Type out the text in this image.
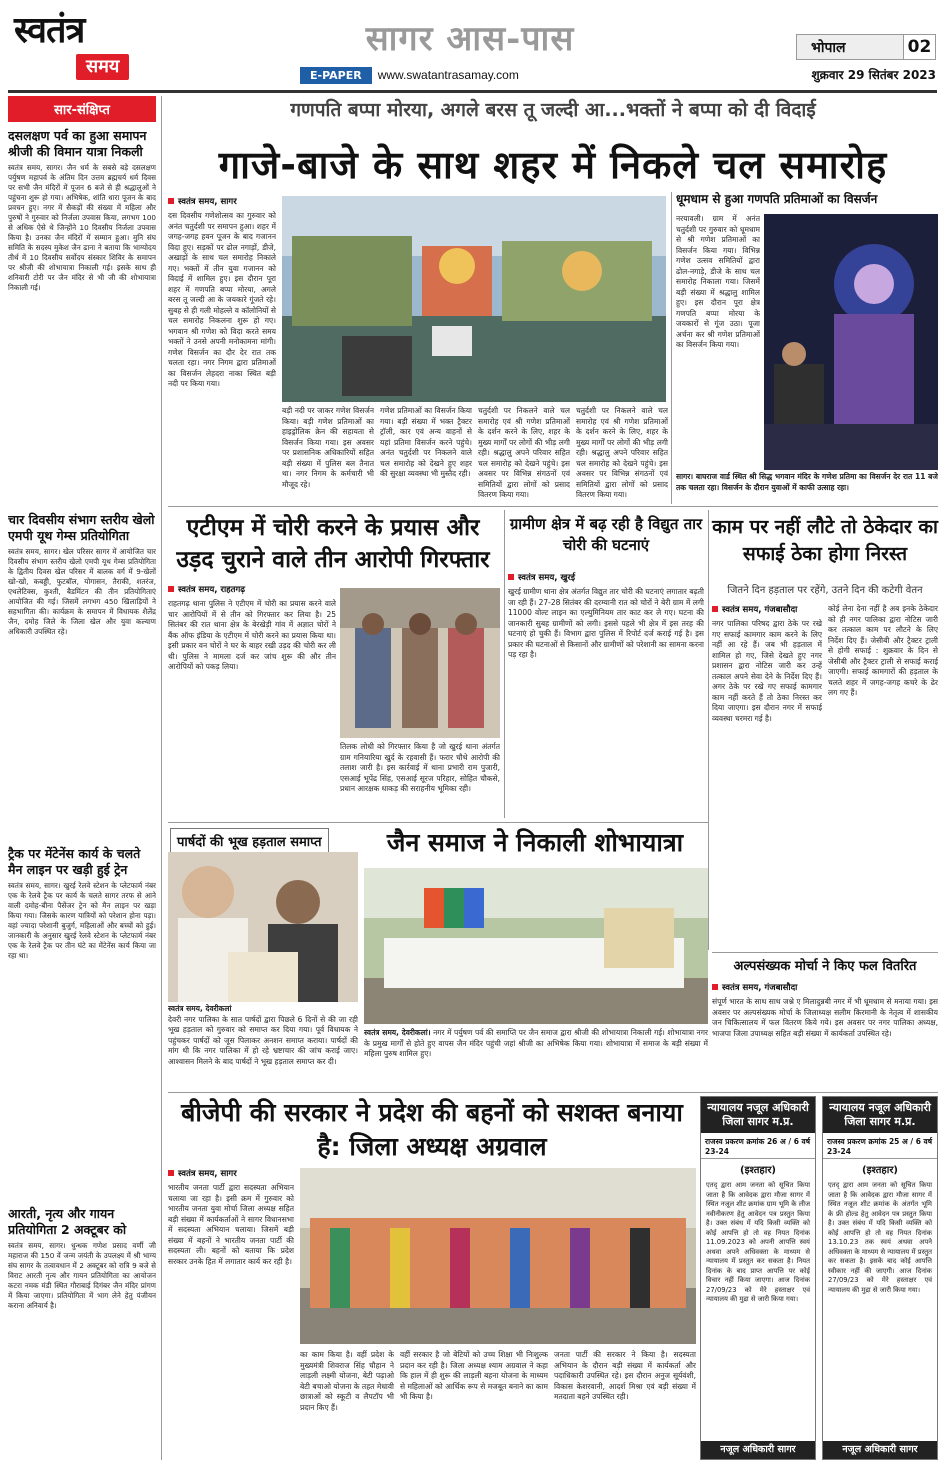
स्वतंत्र
समय
सागर आस-पास
E-PAPER	www.swatantrasamay.com
भोपाल	02
शुक्रवार 29 सितंबर 2023
सार-संक्षिप्त
दसलक्षण पर्व का हुआ समापन श्रीजी की विमान यात्रा निकली
स्वतंत्र समय, सागर। जैन धर्म के सबसे बड़े दसलक्षण पर्युषण महापर्व के अंतिम दिन उत्तम ब्रह्मचर्य धर्म दिवस पर सभी जैन मंदिरों में पूजन 6 बजे से ही श्रद्धालुओं ने पहुंचना शुरू हो गया। अभिषेक, शांति धारा पूजन के बाद प्रवचन हुए। नगर में सैकड़ों की संख्या में महिला और पुरुषों ने गुरुवार को निर्जला उपवास किया, लगभग 100 से अधिक ऐसे थे जिन्होंने 10 दिवसीय निर्जला उपवास किया है। उनका जैन मंदिरों में सम्मान हुआ। मुनि संघ समिति के सदस्य मुकेश जैन ढाना ने बताया कि भाग्योदय तीर्थ में 10 दिवसीय सर्वोदय संस्कार शिविर के समापन पर श्रीजी की शोभायात्रा निकाली गई। इसके साथ ही शनिवारी टोरी पर जैन मंदिर से भी जी की शोभायात्रा निकाली गई।
चार दिवसीय संभाग स्तरीय खेलो एमपी यूथ गेम्स प्रतियोगिता
स्वतंत्र समय, सागर। खेल परिसर सागर में आयोजित चार दिवसीय संभाग स्तरीय खेलो एमपी यूथ गेम्स प्रतियोगिता के द्वितीय दिवस खेल परिसर में बालक वर्ग में 9-खेलों खो-खो, कबड्डी, फुटबॉल, योगासन, तैराकी, शतरंज, एथलेटिक्स, कुश्ती, बैडमिंटन की तीन प्रतियोगिताएं आयोजित की गई। जिसमें लगभग 450 खिलाड़ियों ने सहभागिता की। कार्यक्रम के समापन में विधायक शैलेंद्र जैन, दमोह जिले के जिला खेल और युवा कल्याण अधिकारी उपस्थित रहे।
ट्रैक पर मेंटेनेंस कार्य के चलते मैन लाइन पर खड़ी हुई ट्रेन
स्वतंत्र समय, सागर। खुरई रेलवे स्टेशन के प्लेटफार्म नंबर एक के रेलवे ट्रैक पर कार्य के चलते सागर तरफ से आने वाली दमोह-बीना पैसेंजर ट्रेन को मैन लाइन पर खड़ा किया गया। जिसके कारण यात्रियों को परेशान होना पड़ा। वहां ज्यादा परेशानी बुजुर्ग, महिलाओं और बच्चों को हुई। जानकारी के अनुसार खुरई रेलवे स्टेशन के प्लेटफार्म नंबर एक के रेलवे ट्रैक पर तीन घंटे का मेंटेनेंस कार्य किया जा रहा था।
आरती, नृत्य और गायन प्रतियोगिता 2 अक्टूबर को
स्वतंत्र समय, सागर। धुन्धक गणेश प्रसाद वर्णी जी महाराज की 150 वें जन्म जयंती के उपलक्ष्य में श्री भाग्य संघ सागर के तत्वावधान में 2 अक्टूबर को रात्रि 9 बजे से विराट आरती नृत्य और गायन प्रतियोगिता का आयोजन कटरा नमक मंडी स्थित गौराबाई दिगंबर जैन मंदिर प्रांगण में किया जाएगा। प्रतियोगिता में भाग लेने हेतु पंजीयन कराना अनिवार्य है।
गणपति बप्पा मोरया, अगले बरस तू जल्दी आ...भक्तों ने बप्पा को दी विदाई
गाजे-बाजे के साथ शहर में निकले चल समारोह
स्वतंत्र समय, सागर
दस दिवसीय गणेशोत्सव का गुरुवार को अनंत चतुर्दशी पर समापन हुआ। शहर में जगह-जगह हवन पूजन के बाद गजानन विदा हुए। सड़कों पर ढोल नगाड़ों, डीजे, अखाड़ों के साथ चल समारोह निकाले गए। भक्तों में तीन युवा गजानन को विदाई में शामिल हुए। इस दौरान पूरा शहर में गणपति बप्पा मोरया, अगले बरस तू जल्दी आ के जयकारे गूंजते रहे। सुबह से ही गली मोहल्ले व कॉलोनियों से चल समारोह निकलना शुरू हो गए। भगवान श्री गणेश को विदा करते समय भक्तों ने उनसे अपनी मनोकामना मांगी। गणेश विसर्जन का दौर देर रात तक चलता रहा। नगर निगम द्वारा प्रतिमाओं का विसर्जन लेहदरा नाका स्थित बड़ी नदी पर किया गया।
बड़ी नदी पर जाकर गणेश विसर्जन किया। बड़ी गणेश प्रतिमाओं का हाइड्रोलिक क्रेन की सहायता से विसर्जन किया गया। इस अवसर पर प्रशासनिक अधिकारियों सहित बड़ी संख्या में पुलिस बल तैनात था। नगर निगम के कर्मचारी भी मौजूद रहे।
गणेश प्रतिमाओं का विसर्जन किया गया। बड़ी संख्या में भक्त ट्रैक्टर ट्रॉली, कार एवं अन्य वाहनों से यहां प्रतिमा विसर्जन करने पहुंचे। अनंत चतुर्दशी पर निकलने वाले चल समारोह को देखने हुए शहर की सुरक्षा व्यवस्था भी मुस्तैद रही।
चतुर्दशी पर निकलने वाले चल समारोह एवं श्री गणेश प्रतिमाओं के दर्शन करने के लिए, शहर के मुख्य मार्गों पर लोगों की भीड़ लगी रही। श्रद्धालु अपने परिवार सहित चल समारोह को देखने पहुंचे। इस अवसर पर विभिन्न संगठनों एवं समितियों द्वारा लोगों को प्रसाद वितरण किया गया।
चतुर्दशी पर निकलने वाले चल समारोह एवं श्री गणेश प्रतिमाओं के दर्शन करने के लिए, शहर के मुख्य मार्गों पर लोगों की भीड़ लगी रही। श्रद्धालु अपने परिवार सहित चल समारोह को देखने पहुंचे। इस अवसर पर विभिन्न संगठनों एवं समितियों द्वारा लोगों को प्रसाद वितरण किया गया।
धूमधाम से हुआ गणपति प्रतिमाओं का विसर्जन
नरयावली। ग्राम में अनंत चतुर्दशी पर गुरुवार को धूमधाम से श्री गणेश प्रतिमाओं का विसर्जन किया गया। विभिन्न गणेश उत्सव समितियों द्वारा ढोल-नगाड़े, डीजे के साथ चल समारोह निकाला गया। जिसमें बड़ी संख्या में श्रद्धालु शामिल हुए। इस दौरान पूरा क्षेत्र गणपति बप्पा मोरया के जयकारों से गूंज उठा। पूजा अर्चना कर श्री गणेश प्रतिमाओं का विसर्जन किया गया।
सागर। बाघराज वार्ड स्थित श्री सिद्ध भगवान मंदिर के गणेश प्रतिमा का विसर्जन देर रात 11 बजे तक चलता रहा। विसर्जन के दौरान युवाओं में काफी उत्साह रहा।
एटीएम में चोरी करने के प्रयास और उड़द चुराने वाले तीन आरोपी गिरफ्तार
स्वतंत्र समय, राहतगढ़
राहतगढ़ थाना पुलिस ने एटीएम में चोरी का प्रयास करने वाले चार आरोपियों में से तीन को गिरफ्तार कर लिया है। 25 सितंबर की रात थाना क्षेत्र के बेरखेड़ी गांव में अज्ञात चोरों ने बैंक ऑफ इंडिया के एटीएम में चोरी करने का प्रयास किया था। इसी प्रकार वन चोरों ने घर के बाहर रखी उड़द की चोरी कर ली थी। पुलिस ने मामला दर्ज कर जांच शुरू की और तीन आरोपियों को पकड़ लिया।
तिलक लोधी को गिरफ्तार किया है जो खुरई थाना अंतर्गत ग्राम गनियारिया खुर्द के रहवासी हैं। फरार चौथे आरोपी की तलाश जारी है। इस कार्रवाई में थाना प्रभारी राम पुजारी, एसआई भूपेंद्र सिंह, एसआई सूरज परिहार, सोहित चौकसे, प्रधान आरक्षक धाकड़ की सराहनीय भूमिका रही।
ग्रामीण क्षेत्र में बढ़ रही है विद्युत तार चोरी की घटनाएं
स्वतंत्र समय, खुरई
खुरई ग्रामीण थाना क्षेत्र अंतर्गत विद्युत तार चोरी की घटनाएं लगातार बढ़ती जा रही हैं। 27-28 सितंबर की दरम्यानी रात को चोरों ने बेरी ग्राम में लगी 11000 वोल्ट लाइन का एल्युमिनियम तार काट कर ले गए। घटना की जानकारी सुबह ग्रामीणों को लगी। इससे पहले भी क्षेत्र में इस तरह की घटनाएं हो चुकी हैं। विभाग द्वारा पुलिस में रिपोर्ट दर्ज कराई गई है। इस प्रकार की घटनाओं से किसानों और ग्रामीणों को परेशानी का सामना करना पड़ रहा है।
काम पर नहीं लौटे तो ठेकेदार का सफाई ठेका होगा निरस्त
जितने दिन हड़ताल पर रहेंगे, उतने दिन की कटेगी वेतन
स्वतंत्र समय, गंजबासौदा
नगर पालिका परिषद द्वारा ठेके पर रखे गए सफाई कामगार काम करने के लिए नहीं आ रहे हैं। जब भी हड़ताल में शामिल हो गए, जिसे देखते हुए नगर प्रशासन द्वारा नोटिस जारी कर उन्हें तत्काल अपने सेवा देने के निर्देश दिए हैं। अगर ठेके पर रखे गए सफाई कामगार काम नहीं करते हैं तो ठेका निरस्त कर दिया जाएगा। इस दौरान नगर में सफाई व्यवस्था चरमरा गई है।
कोई लेना देना नहीं है अब इनके ठेकेदार को ही नगर पालिका द्वारा नोटिस जारी कर तत्काल काम पर लौटने के लिए निर्देश दिए हैं। जेसीबी और ट्रैक्टर ट्राली से होगी सफाई : शुक्रवार के दिन से जेसीबी और ट्रैक्टर ट्राली से सफाई कराई जाएगी। सफाई कामगारों की हड़ताल के चलते शहर में जगह-जगह कचरे के ढेर लग गए हैं।
पार्षदों की भूख हड़ताल समाप्त
स्वतंत्र समय, देवरीकलां
देवरी नगर पालिका के सात पार्षदों द्वारा पिछले 6 दिनों से की जा रही भूख हड़ताल को गुरुवार को समाप्त कर दिया गया। पूर्व विधायक ने पहुंचकर पार्षदों को जूस पिलाकर अनशन समाप्त कराया। पार्षदों की मांग थी कि नगर पालिका में हो रहे भ्रष्टाचार की जांच कराई जाए। आश्वासन मिलने के बाद पार्षदों ने भूख हड़ताल समाप्त कर दी।
जैन समाज ने निकाली शोभायात्रा
स्वतंत्र समय, देवरीकलां। नगर में पर्युषण पर्व की समाप्ति पर जैन समाज द्वारा श्रीजी की शोभायात्रा निकाली गई। शोभायात्रा नगर के प्रमुख मार्गों से होते हुए वापस जैन मंदिर पहुंची जहां श्रीजी का अभिषेक किया गया। शोभायात्रा में समाज के बड़ी संख्या में महिला पुरुष शामिल हुए।
अल्पसंख्यक मोर्चा ने किए फल वितरित
स्वतंत्र समय, गंजबासौदा
संपूर्ण भारत के साथ साथ जश्ने ए मिलादुन्नबी नगर में भी धूमधाम से मनाया गया। इस अवसर पर अल्पसंख्यक मोर्चा के जिलाध्यक्ष सलीम किरमानी के नेतृत्व में शासकीय जन चिकित्सालय में फल वितरण किये गये। इस अवसर पर नगर पालिका अध्यक्ष, भाजपा जिला उपाध्यक्ष सहित बड़ी संख्या में कार्यकर्ता उपस्थित रहे।
बीजेपी की सरकार ने प्रदेश की बहनों को सशक्त बनाया है: जिला अध्यक्ष अग्रवाल
स्वतंत्र समय, सागर
भारतीय जनता पार्टी द्वारा सदस्यता अभियान चलाया जा रहा है। इसी क्रम में गुरुवार को भारतीय जनता युवा मोर्चा जिला अध्यक्ष सहित बड़ी संख्या में कार्यकर्ताओं ने सागर विधानसभा में सदस्यता अभियान चलाया। जिसमें बड़ी संख्या में बहनों ने भारतीय जनता पार्टी की सदस्यता ली। बहनों को बताया कि प्रदेश सरकार उनके हित में लगातार कार्य कर रही है।
का काम किया है। वहीं प्रदेश के मुख्यमंत्री शिवराज सिंह चौहान ने लाड़ली लक्ष्मी योजना, बेटी पढ़ाओ बेटी बचाओ योजना के तहत मेधावी छात्राओं को स्कूटी व लैपटॉप भी प्रदान किए हैं।
वहीं सरकार है जो बेटियों को उच्च शिक्षा भी निःशुल्क प्रदान कर रही है। जिला अध्यक्ष श्याम अग्रवाल ने कहा कि हाल में ही शुरू की लाड़ली बहना योजना के माध्यम से महिलाओं को आर्थिक रूप से मजबूत बनाने का काम भी किया है।
जनता पार्टी की सरकार ने किया है। सदस्यता अभियान के दौरान बड़ी संख्या में कार्यकर्ता और पदाधिकारी उपस्थित रहे। इस दौरान अनुज सूर्यवंशी, विकास केशरवानी, आदर्श मिश्रा एवं बड़ी संख्या में मतदाता बहने उपस्थित रही।
न्यायालय नजूल अधिकारी जिला सागर म.प्र.
राजस्व प्रकरण क्रमांक 26 अ / 6 वर्ष 23-24
(इश्तहार)
एतद् द्वारा आम जनता को सूचित किया जाता है कि आवेदक द्वारा मौजा सागर में स्थित नजूल शीट क्रमांक ग्राम भूमि के लीज नवीनीकरण हेतु आवेदन पत्र प्रस्तुत किया है। उक्त संबंध में यदि किसी व्यक्ति को कोई आपत्ति हो तो वह नियत दिनांक 11.09.2023 को अपनी आपत्ति स्वयं अथवा अपने अधिवक्ता के माध्यम से न्यायालय में प्रस्तुत कर सकता है। नियत दिनांक के बाद प्राप्त आपत्ति पर कोई विचार नहीं किया जाएगा। आज दिनांक 27/09/23 को मेरे हस्ताक्षर एवं न्यायालय की मुद्रा से जारी किया गया।
नजूल अधिकारी सागर
न्यायालय नजूल अधिकारी जिला सागर म.प्र.
राजस्व प्रकरण क्रमांक 25 अ / 6 वर्ष 23-24
(इश्तहार)
एतद् द्वारा आम जनता को सूचित किया जाता है कि आवेदक द्वारा मौजा सागर में स्थित नजूल शीट क्रमांक के अंतर्गत भूमि के फ्री होल्ड हेतु आवेदन पत्र प्रस्तुत किया है। उक्त संबंध में यदि किसी व्यक्ति को कोई आपत्ति हो तो वह नियत दिनांक 13.10.23 तक स्वयं अथवा अपने अधिवक्ता के माध्यम से न्यायालय में प्रस्तुत कर सकता है। इसके बाद कोई आपत्ति स्वीकार नहीं की जाएगी। आज दिनांक 27/09/23 को मेरे हस्ताक्षर एवं न्यायालय की मुद्रा से जारी किया गया।
नजूल अधिकारी सागर
